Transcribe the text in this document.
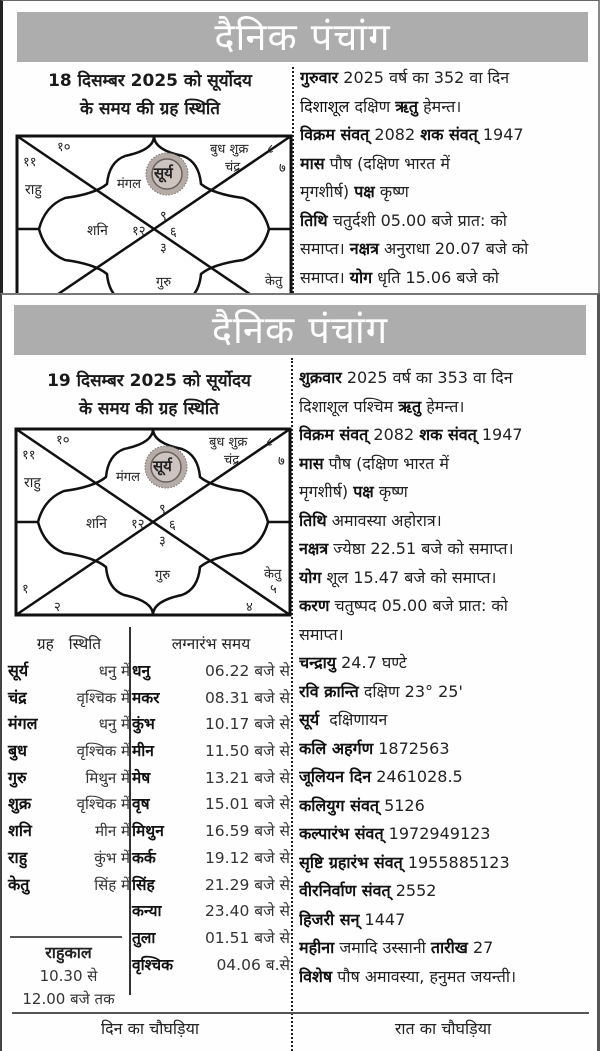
दैनिक पंचांग
18 दिसम्बर 2025 को सूर्योदय
के समय की ग्रह स्थिति
१०
११
राहु	मंगल
सूर्य
बुध शुक्र ८
चंद्र	७
९
शनि १२ ६
३
गुरु	केतु
गुरुवार 2025 वर्ष का 352 वा दिन
दिशाशूल दक्षिण ऋतु हेमन्त।
विक्रम संवत् 2082 शक संवत् 1947
मास पौष (दक्षिण भारत में
मृगशीर्ष) पक्ष कृष्ण
तिथि चतुर्दशी 05.00 बजे प्रात: को
समाप्त। नक्षत्र अनुराधा 20.07 बजे को
समाप्त। योग धृति 15.06 बजे को
दैनिक पंचांग
19 दिसम्बर 2025 को सूर्योदय
के समय की ग्रह स्थिति
१०
११
राहु	मंगल
सूर्य
बुध शुक्र ८
चंद्र	७
९
शनि १२ ६
३
गुरु	केतु
५
१
२	४
ग्रह   स्थिति
सूर्य	धनु में
चंद्र	वृश्चिक में
मंगल	धनु में
बुध	वृश्चिक में
गुरु	मिथुन में
शुक्र	वृश्चिक में
शनि	मीन में
राहु	कुंभ में
केतु	सिंह में
लग्नारंभ समय
धनु	06.22 बजे से
मकर	08.31 बजे से
कुंभ	10.17 बजे से
मीन	11.50 बजे से
मेष	13.21 बजे से
वृष	15.01 बजे से
मिथुन	16.59 बजे से
कर्क	19.12 बजे से
सिंह	21.29 बजे से
कन्या	23.40 बजे से
तुला	01.51 बजे से
वृश्चिक	04.06 ब.से
राहुकाल
10.30 से
12.00 बजे तक
शुक्रवार 2025 वर्ष का 353 वा दिन
दिशाशूल पश्चिम ऋतु हेमन्त।
विक्रम संवत् 2082 शक संवत् 1947
मास पौष (दक्षिण भारत में
मृगशीर्ष) पक्ष कृष्ण
तिथि अमावस्या अहोरात्र।
नक्षत्र ज्येष्ठा 22.51 बजे को समाप्त।
योग शूल 15.47 बजे को समाप्त।
करण चतुष्पद 05.00 बजे प्रात: को
समाप्त।
चन्द्रायु 24.7 घण्टे
रवि क्रान्ति दक्षिण 23° 25'
सूर्य  दक्षिणायन
कलि अहर्गण 1872563
जूलियन दिन 2461028.5
कलियुग संवत् 5126
कल्पारंभ संवत् 1972949123
सृष्टि ग्रहारंभ संवत् 1955885123
वीरनिर्वाण संवत् 2552
हिजरी सन् 1447
महीना जमादि उस्सानी तारीख 27
विशेष पौष अमावस्या, हनुमत जयन्ती।
दिन का चौघड़िया	रात का चौघड़िया
